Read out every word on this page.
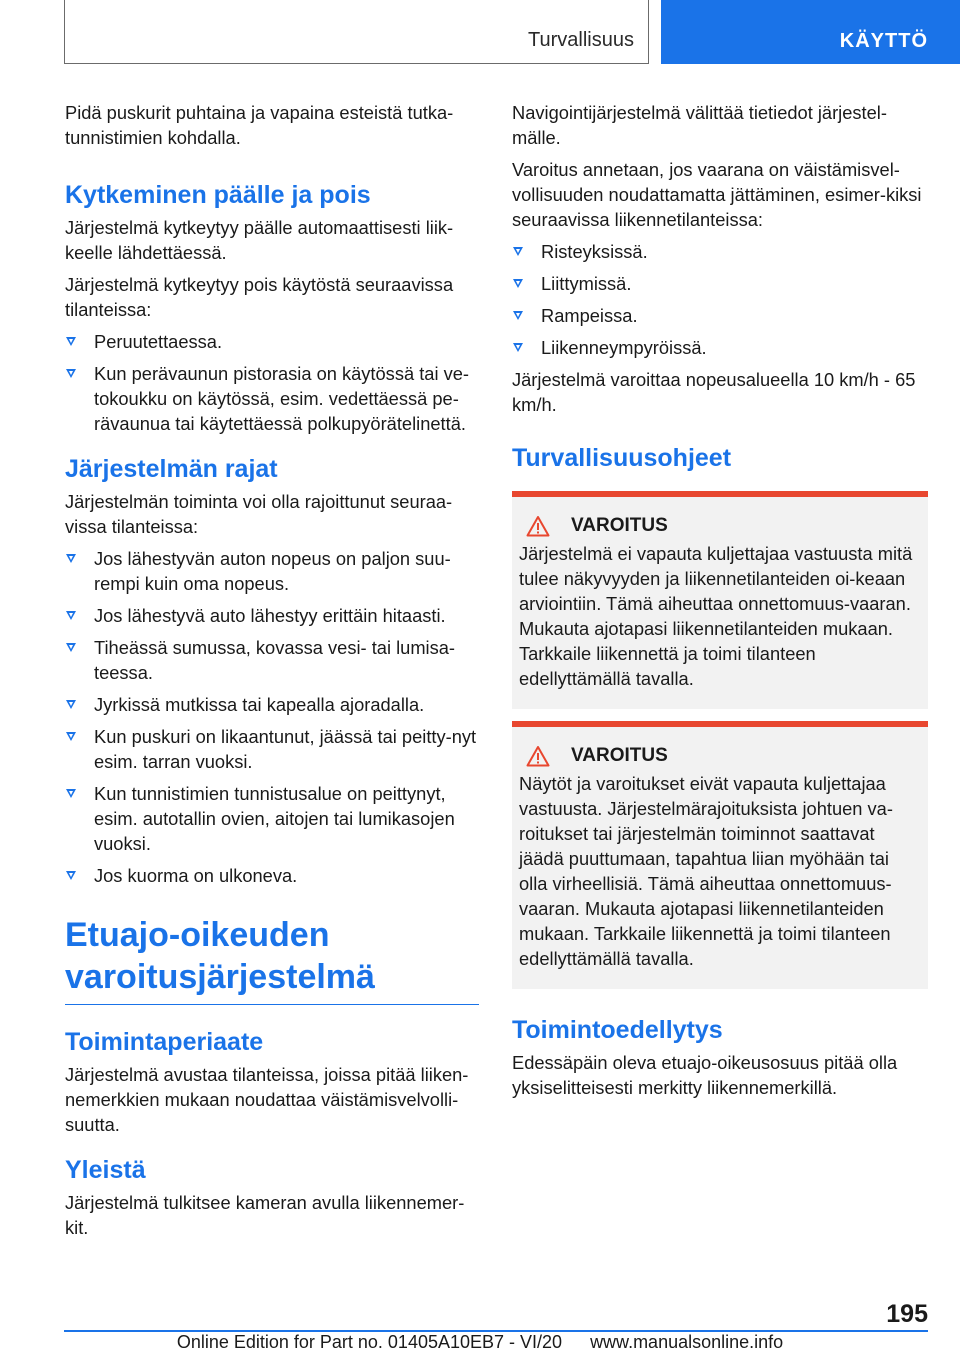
Turvallisuus	KÄYTTÖ

Pidä puskurit puhtaina ja vapaina esteistä tutka-tunnistimien kohdalla.

Kytkeminen päälle ja pois

Järjestelmä kytkeytyy päälle automaattisesti liik-keelle lähdettäessä.

Järjestelmä kytkeytyy pois käytöstä seuraavissa tilanteissa:

Peruutettaessa.
Kun perävaunun pistorasia on käytössä tai ve-tokoukku on käytössä, esim. vedettäessä pe-rävaunua tai käytettäessä polkupyörätelinettä.
Järjestelmän rajat

Järjestelmän toiminta voi olla rajoittunut seuraa-vissa tilanteissa:

Jos lähestyvän auton nopeus on paljon suu-rempi kuin oma nopeus.
Jos lähestyvä auto lähestyy erittäin hitaasti.
Tiheässä sumussa, kovassa vesi- tai lumisa-teessa.
Jyrkissä mutkissa tai kapealla ajoradalla.
Kun puskuri on likaantunut, jäässä tai peitty-nyt esim. tarran vuoksi.
Kun tunnistimien tunnistusalue on peittynyt, esim. autotallin ovien, aitojen tai lumikasojen vuoksi.
Jos kuorma on ulkoneva.
Etuajo-oikeuden varoitusjärjestelmä
Toimintaperiaate

Järjestelmä avustaa tilanteissa, joissa pitää liiken-nemerkkien mukaan noudattaa väistämisvelvolli-suutta.

Yleistä

Järjestelmä tulkitsee kameran avulla liikennemer-kit.

Navigointijärjestelmä välittää tietiedot järjestel-mälle.

Varoitus annetaan, jos vaarana on väistämisvel-vollisuuden noudattamatta jättäminen, esimer-kiksi seuraavissa liikennetilanteissa:

Risteyksissä.
Liittymissä.
Rampeissa.
Liikenneympyröissä.

Järjestelmä varoittaa nopeusalueella 10 km/h - 65 km/h.

Turvallisuusohjeet
VAROITUS

Järjestelmä ei vapauta kuljettajaa vastuusta mitä tulee näkyvyyden ja liikennetilanteiden oi-keaan arviointiin. Tämä aiheuttaa onnettomuus-vaaran. Mukauta ajotapasi liikennetilanteiden mukaan. Tarkkaile liikennettä ja toimi tilanteen edellyttämällä tavalla.

VAROITUS

Näytöt ja varoitukset eivät vapauta kuljettajaa vastuusta. Järjestelmärajoituksista johtuen va-roitukset tai järjestelmän toiminnot saattavat jäädä puuttumaan, tapahtua liian myöhään tai olla virheellisiä. Tämä aiheuttaa onnettomuus-vaaran. Mukauta ajotapasi liikennetilanteiden mukaan. Tarkkaile liikennettä ja toimi tilanteen edellyttämällä tavalla.

Toimintoedellytys

Edessäpäin oleva etuajo-oikeusosuus pitää olla yksiselitteisesti merkitty liikennemerkillä.

195
Online Edition for Part no. 01405A10EB7 - VI/20 www.manualsonline.info
